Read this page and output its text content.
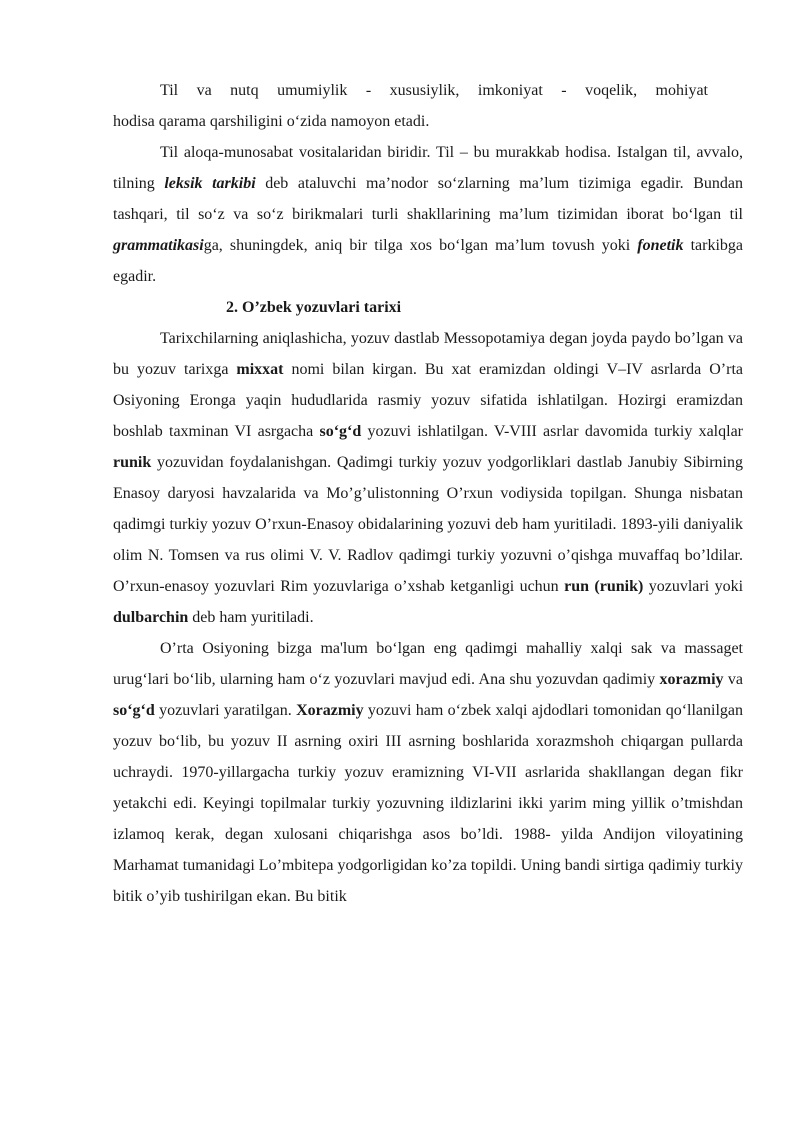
Til va nutq umumiylik - xususiylik, imkoniyat - voqelik, mohiyat

hodisa qarama qarshiligini o‘zida namoyon etadi.

Til aloqa-munosabat vositalaridan biridir. Til – bu murakkab hodisa. Istalgan til, avvalo, tilning leksik tarkibi deb ataluvchi ma’nodor so‘zlarning ma’lum tizimiga egadir. Bundan tashqari, til so‘z va so‘z birikmalari turli shakllarining ma’lum tizimidan iborat bo‘lgan til grammatikasiga, shuningdek, aniq bir tilga xos bo‘lgan ma’lum tovush yoki fonetik tarkibga egadir.

2. O’zbek yozuvlari tarixi

Tarixchilarning aniqlashicha, yozuv dastlab Messopotamiya degan joyda paydo bo’lgan va bu yozuv tarixga mixxat nomi bilan kirgan. Bu xat eramizdan oldingi V–IV asrlarda O’rta Osiyoning Eronga yaqin hududlarida rasmiy yozuv sifatida ishlatilgan. Hozirgi eramizdan boshlab taxminan VI asrgacha so‘g‘d yozuvi ishlatilgan. V-VIII asrlar davomida turkiy xalqlar runik yozuvidan foydalanishgan. Qadimgi turkiy yozuv yodgorliklari dastlab Janubiy Sibirning Enasoy daryosi havzalarida va Mo’g’ulistonning O’rxun vodiysida topilgan. Shunga nisbatan qadimgi turkiy yozuv O’rxun-Enasoy obidalarining yozuvi deb ham yuritiladi. 1893-yili daniyalik olim N. Tomsen va rus olimi V. V. Radlov qadimgi turkiy yozuvni o’qishga muvaffaq bo’ldilar. O’rxun-enasoy yozuvlari Rim yozuvlariga o’xshab ketganligi uchun run (runik) yozuvlari yoki dulbarchin deb ham yuritiladi.

O’rta Osiyoning bizga ma'lum bo‘lgan eng qadimgi mahalliy xalqi sak va massaget urug‘lari bo‘lib, ularning ham o‘z yozuvlari mavjud edi. Ana shu yozuvdan qadimiy xorazmiy va so‘g‘d yozuvlari yaratilgan. Xorazmiy yozuvi ham o‘zbek xalqi ajdodlari tomonidan qo‘llanilgan yozuv bo‘lib, bu yozuv II asrning oxiri III asrning boshlarida xorazmshoh chiqargan pullarda uchraydi. 1970-yillargacha turkiy yozuv eramizning VI-VII asrlarida shakllangan degan fikr yetakchi edi. Keyingi topilmalar turkiy yozuvning ildizlarini ikki yarim ming yillik o’tmishdan izlamoq kerak, degan xulosani chiqarishga asos bo’ldi. 1988- yilda Andijon viloyatining Marhamat tumanidagi Lo’mbitepa yodgorligidan ko’za topildi. Uning bandi sirtiga qadimiy turkiy bitik o’yib tushirilgan ekan. Bu bitik
